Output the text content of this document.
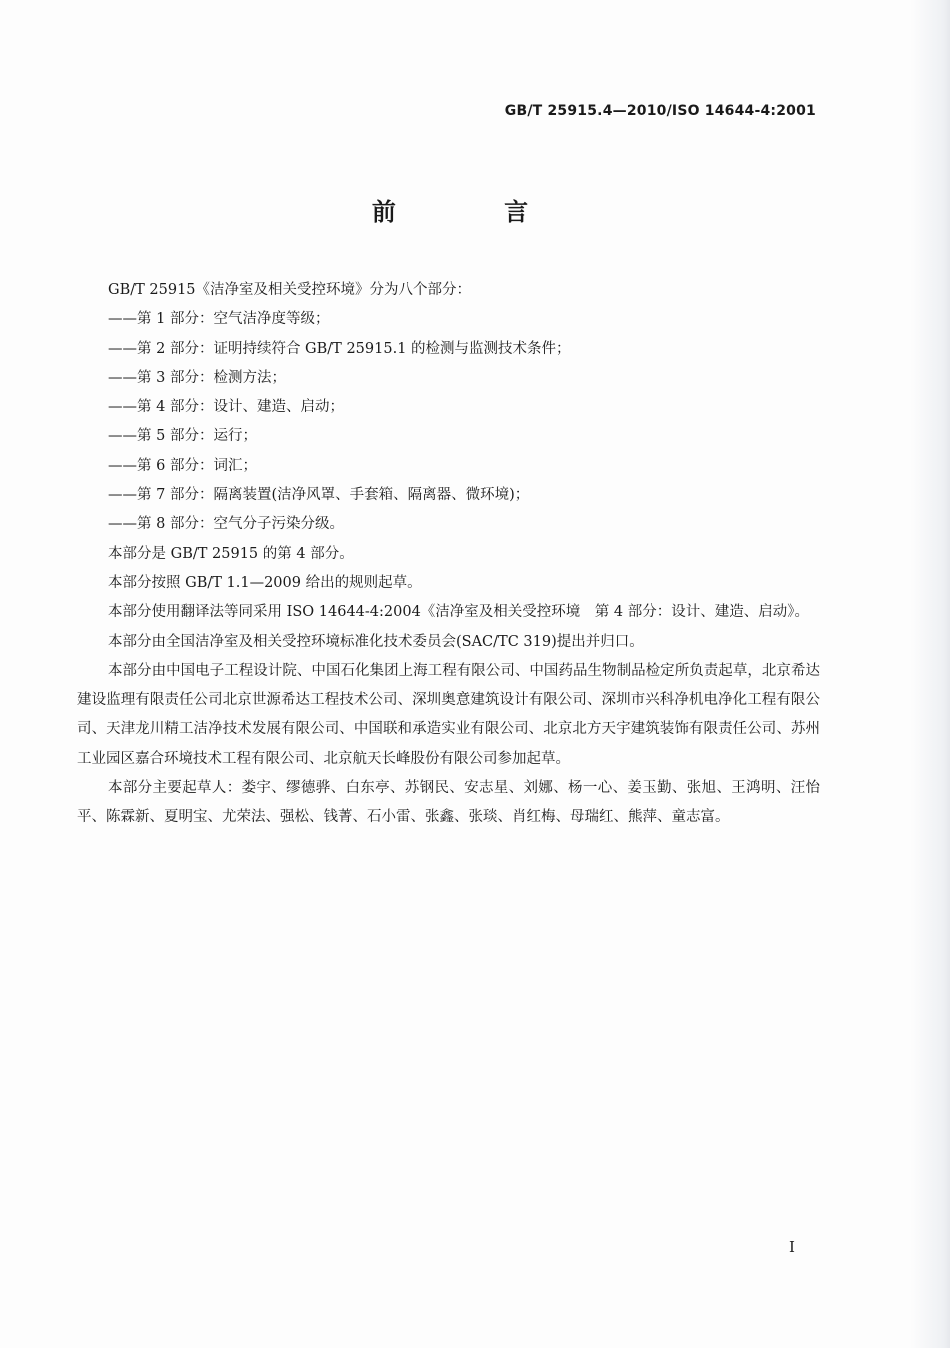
GB/T 25915.4—2010/ISO 14644-4:2001
前 言

GB/T 25915《洁净室及相关受控环境》分为八个部分：

——第 1 部分：空气洁净度等级；

——第 2 部分：证明持续符合 GB/T 25915.1 的检测与监测技术条件；

——第 3 部分：检测方法；

——第 4 部分：设计、建造、启动；

——第 5 部分：运行；

——第 6 部分：词汇；

——第 7 部分：隔离装置(洁净风罩、手套箱、隔离器、微环境)；

——第 8 部分：空气分子污染分级。

本部分是 GB/T 25915 的第 4 部分。

本部分按照 GB/T 1.1—2009 给出的规则起草。

本部分使用翻译法等同采用 ISO 14644-4:2004《洁净室及相关受控环境　第 4 部分：设计、建造、启动》。

本部分由全国洁净室及相关受控环境标准化技术委员会(SAC/TC 319)提出并归口。

本部分由中国电子工程设计院、中国石化集团上海工程有限公司、中国药品生物制品检定所负责起草，北京希达建设监理有限责任公司北京世源希达工程技术公司、深圳奥意建筑设计有限公司、深圳市兴科净机电净化工程有限公司、天津龙川精工洁净技术发展有限公司、中国联和承造实业有限公司、北京北方天宇建筑装饰有限责任公司、苏州工业园区嘉合环境技术工程有限公司、北京航天长峰股份有限公司参加起草。

本部分主要起草人：娄宇、缪德骅、白东亭、苏钢民、安志星、刘娜、杨一心、姜玉勤、张旭、王鸿明、汪怡平、陈霖新、夏明宝、尤荣法、强松、钱菁、石小雷、张鑫、张琰、肖红梅、母瑞红、熊萍、童志富。

I
